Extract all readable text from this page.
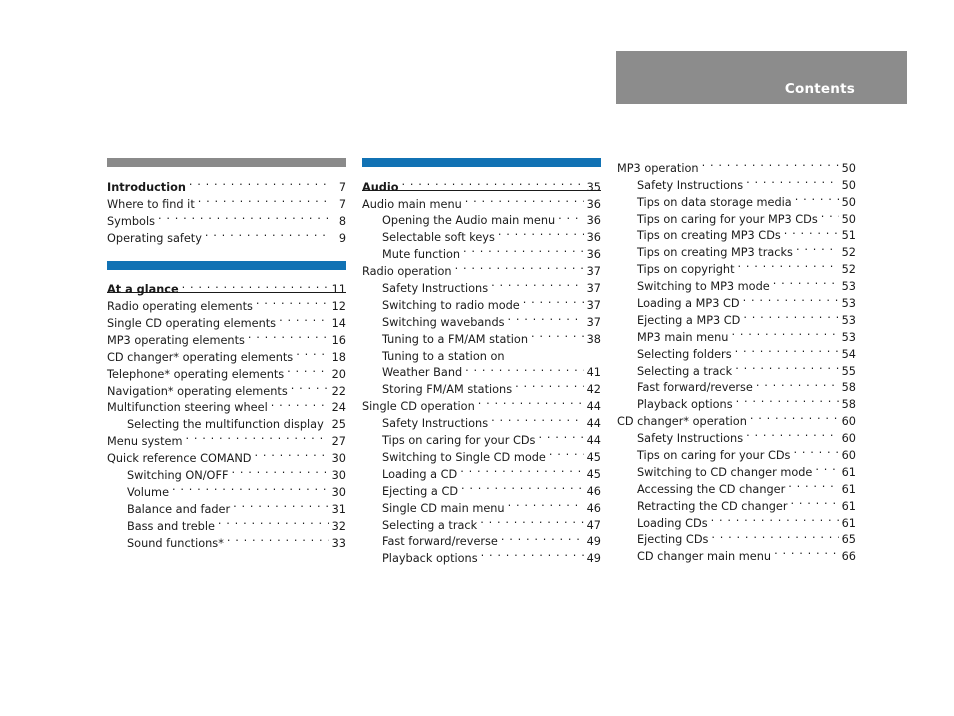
Contents
Introduction . . .	7
Where to find it . . .	7
Symbols . . .	8
Operating safety . . .	9
At a glance . . .	11
Radio operating elements . . .	12
Single CD operating elements . . .	14
MP3 operating elements . . .	16
CD changer* operating elements . . .	18
Telephone* operating elements . . .	20
Navigation* operating elements . . .	22
Multifunction steering wheel . . .	24
Selecting the multifunction display 25
Menu system . . .	27
Quick reference COMAND . . .	30
Switching ON/OFF . . .	30
Volume . . .	30
Balance and fader . . .	31
Bass and treble . . .	32
Sound functions* . . .	33
Audio . . .	35
Audio main menu . . .	36
Opening the Audio main menu . . .	36
Selectable soft keys . . .	36
Mute function . . .	36
Radio operation . . .	37
Safety Instructions . . .	37
Switching to radio mode . . .	37
Switching wavebands . . .	37
Tuning to a FM/AM station . . .	38
Tuning to a station on
Weather Band . . .	41
Storing FM/AM stations . . .	42
Single CD operation . . .	44
Safety Instructions . . .	44
Tips on caring for your CDs . . .	44
Switching to Single CD mode . . .	45
Loading a CD . . .	45
Ejecting a CD . . .	46
Single CD main menu . . .	46
Selecting a track . . .	47
Fast forward/reverse . . .	49
Playback options . . .	49
MP3 operation . . .	50
Safety Instructions . . .	50
Tips on data storage media . . .	50
Tips on caring for your MP3 CDs . . . 50
Tips on creating MP3 CDs . . .	51
Tips on creating MP3 tracks . . .	52
Tips on copyright . . .	52
Switching to MP3 mode . . .	53
Loading a MP3 CD . . .	53
Ejecting a MP3 CD . . .	53
MP3 main menu . . .	53
Selecting folders . . .	54
Selecting a track . . .	55
Fast forward/reverse . . .	58
Playback options . . .	58
CD changer* operation . . .	60
Safety Instructions . . .	60
Tips on caring for your CDs . . .	60
Switching to CD changer mode . . .	61
Accessing the CD changer . . .	61
Retracting the CD changer . . .	61
Loading CDs . . .	61
Ejecting CDs . . .	65
CD changer main menu . . .	66
